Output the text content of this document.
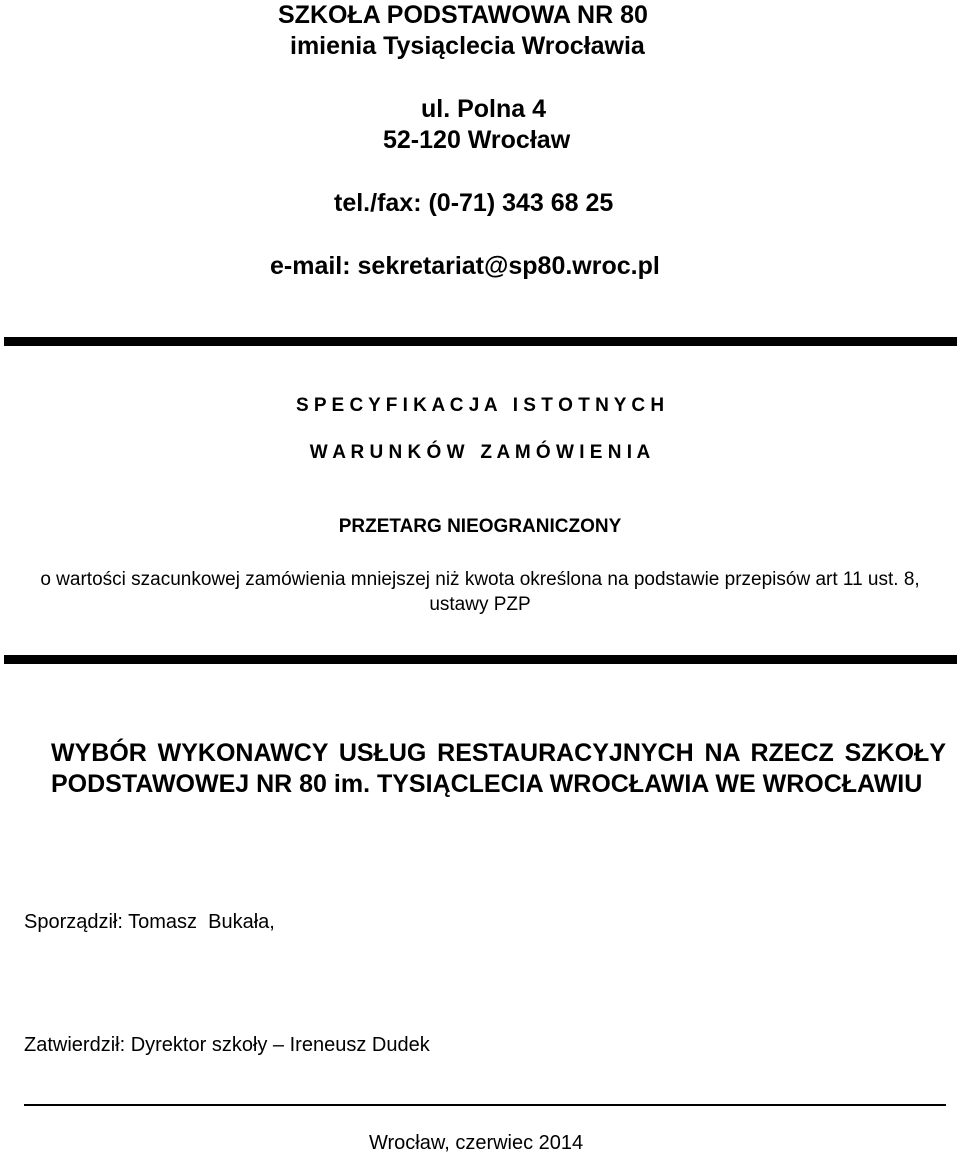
SZKOŁA PODSTAWOWA NR 80
imienia Tysiąclecia Wrocławia
ul. Polna 4
52-120 Wrocław
tel./fax: (0-71) 343 68 25
e-mail: sekretariat@sp80.wroc.pl
S P E C Y F I K A C J A   I S T O T N Y C H
W A R U N K Ó W   Z A M Ó W I E N I A
PRZETARG NIEOGRANICZONY
o wartości szacunkowej zamówienia mniejszej niż kwota określona na podstawie przepisów art 11 ust. 8, ustawy PZP
WYBÓR WYKONAWCY USŁUG RESTAURACYJNYCH NA RZECZ SZKOŁY PODSTAWOWEJ NR 80 im. TYSIĄCLECIA WROCŁAWIA WE WROCŁAWIU
Sporządził: Tomasz  Bukała,
Zatwierdził: Dyrektor szkoły – Ireneusz Dudek
Wrocław, czerwiec 2014
